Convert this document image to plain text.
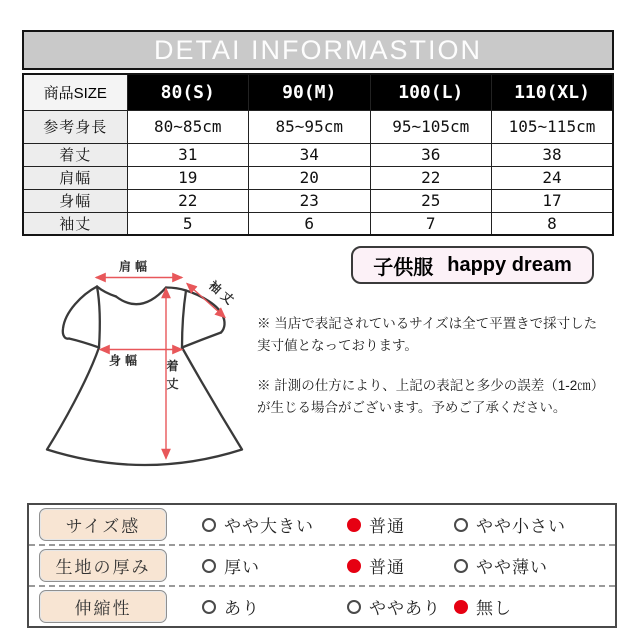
DETAI INFORMASTION
商品SIZE	80(S)	90(M)	100(L)	110(XL)
参考身長	80~85cm	85~95cm	95~105cm	105~115cm
着丈	31	34	36	38
肩幅	19	20	22	24
身幅	22	23	25	17
袖丈	5	6	7	8
肩幅
身幅 着丈
袖丈
子供服 happy dream
※ 当店で表記されているサイズは全て平置きで採寸した
実寸値となっております。
※ 計測の仕方により、上記の表記と多少の誤差（1-2㎝）
が生じる場合がございます。予めご了承ください。
サイズ感	やや大きい	普通	やや小さい
生地の厚み	厚い	普通	やや薄い
伸縮性	あり	ややあり 無し
